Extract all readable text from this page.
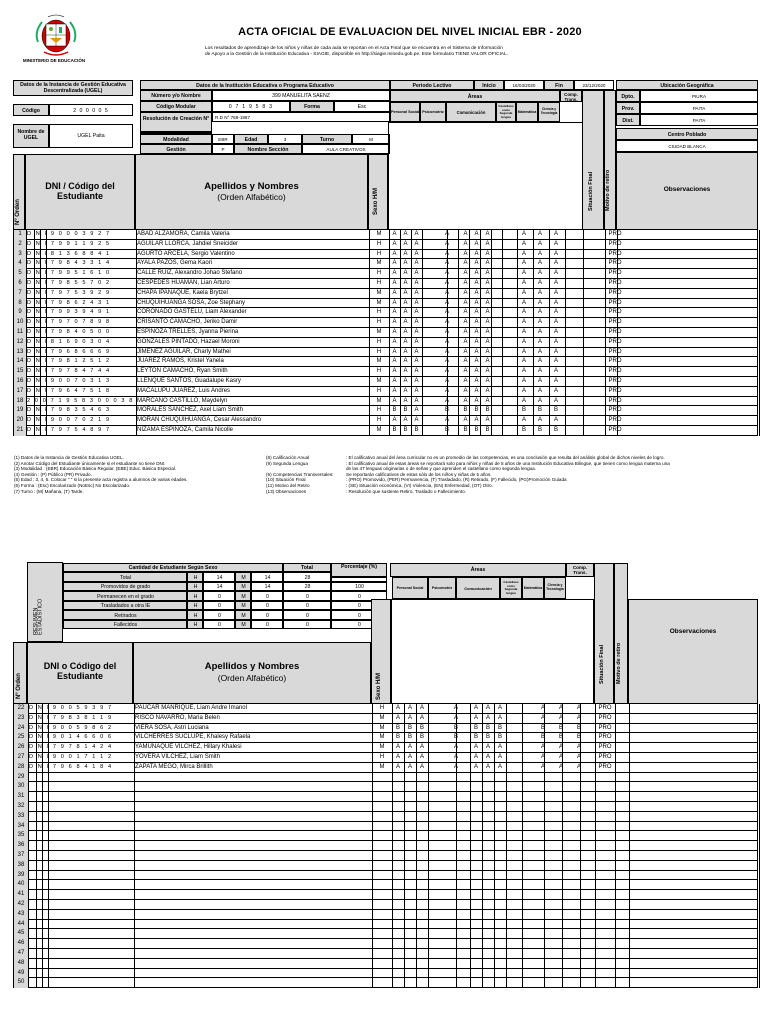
MINISTERIO DE EDUCACIÓN
ACTA OFICIAL DE EVALUACION DEL NIVEL INICIAL EBR - 2020
Los resultados de aprendizaje de los niños y niñas de cada aula se reportan en el Acta Final que se encuentra en el Sistema de Información
de Apoyo a la Gestión de la Institución Educativa - SIAGIE, disponible en http://siagie.minedu.gob.pe. Este formulario TIENE VALOR OFICIAL.
Datos de la Instancia de Gestión Educativa Descentralizada (UGEL)
Código	2 0 0 0 0 5
Nombre de UGEL	UGEL Paita
Datos de la Institución Educativa o Programa Educativo
Número y/o Nombre	399 MANUELITA SAENZ
Código Modular	0 7 1 9 5 8 3	Forma	Esc
Resolución de Creación N°	R.D N° 768-1987
Modalidad	EBR	Edad	3	Turno	M
Gestión	P	Nombre Sección	AULA CREATIVOS
Periodo Lectivo	Inicio	16/03/2020	Fin	23/12/2020	Ubicación Geográfica
Dpto.	PIURA
Prov.	PAITA
Dist.	PAITA
Centro Poblado
CIUDAD BLANCA
Áreas	Comp. Trans.
Personal Social Psicomotriz	Comunicación
Castellano como Segunda lengua
Matemática
Ciencia y Tecnología
Nº Orden
DNI / Código del Estudiante
Apellidos y Nombres
(Orden Alfabético)	Sexo H/M	Situación Final Motivo de retiro	Observaciones
1 D N I 9 0 0 0 3 9 2 7	ABAD ALZAMORA, Camila Valeria	M	A	A	A	A	A	A	A	A	A	A	PRO
2 D N I 7 9 9 1 1 9 2 5	AGUILAR LLORCA, Jahdiel Sneicider	H	A	A	A	A	A	A	A	A	A	A	PRO
3 D N I 8 1 3 6 8 8 4 1	AGURTO ARCELA, Sergio Valentino	H	A	A	A	A	A	A	A	A	A	A	PRO
4 D N I 7 9 8 4 3 3 1 4	AYALA PAZOS, Gema Kaori	M	A	A	A	A	A	A	A	A	A	A	PRO
5 D N I 7 9 9 5 1 6 1 0	CALLE RUIZ, Alexandro Johao Stefano	H	A	A	A	A	A	A	A	A	A	A	PRO
6 D N I 7 9 8 5 5 7 0 2	CESPEDES HUAMAN, Lian Arturo	H	A	A	A	A	A	A	A	A	A	A	PRO
7 D N I 7 9 7 5 3 9 2 9	CHAPA IPANAQUE, Kaela Brytzel	M	A	A	A	A	A	A	A	A	A	A	PRO
8 D N I 7 9 8 6 2 4 3 1	CHUQUIHUANGA SOSA, Zoe Stephany	M	A	A	A	A	A	A	A	A	A	A	PRO
9 D N I 7 9 9 3 9 4 9 1	CORONADO GASTELU, Liam Alexander	H	A	A	A	A	A	A	A	A	A	A	PRO
10 D N I 7 9 7 0 7 8 9 8	CRISANTO CAMACHO, Jeriko Damir	H	A	A	A	A	A	A	A	A	A	A	PRO
11 D N I 7 9 8 4 0 5 0 0	ESPINOZA TRELLES, Jyanna Pierina	M	A	A	A	A	A	A	A	A	A	A	PRO
12 D N I 8 1 6 9 0 3 0 4	GONZALES PINTADO, Hazael Moroni	H	A	A	A	A	A	A	A	A	A	A	PRO
13 D N I 7 9 6 8 6 6 6 9	JIMENEZ AGUILAR, Charly Mathei	H	A	A	A	A	A	A	A	A	A	A	PRO
14 D N I 7 9 8 1 2 5 1 2	JUAREZ RAMOS, Kristel Yanela	M	A	A	A	A	A	A	A	A	A	A	PRO
15 D N I 7 9 7 8 4 7 4 4	LEYTON CAMACHO, Ryan Smith	H	A	A	A	A	A	A	A	A	A	A	PRO
16 D N I 9 0 0 7 0 3 1 3	LLENQUE SANTOS, Guadalupe Kasry	M	A	A	A	A	A	A	A	A	A	A	PRO
17 D N I 7 9 6 4 7 5 1 8	MACALUPU JUAREZ, Luis Andres	H	A	A	A	A	A	A	A	A	A	A	PRO
18 2 0 0 7 1 9 5 8 3 0 0 0 3 8 MARCANO CASTILLO, Maydelyn	M	A	A	A	A	A	A	A	A	A	A	PRO
19 D N I 7 9 8 3 5 4 6 3	MORALES SANCHEZ, Axel Liam Smith	H	B	B	A	B	B	B	B	B	B	B	PRO
20 D N I 9 0 0 7 0 2 1 9	MORAN CHUQUIHUANGA, Cesar Alessandro	H	A	A	A	A	A	A	A	A	A	A	PRO
21 D N I 7 9 7 5 4 8 9 7	NIZAMA ESPINOZA, Camila Nicolle	M	B	B	B	B	B	B	B	B	B	B	PRO
(1) Datos de la Instancia de Gestión Educativa UGEL.
(2) Anotar Código del Estudiante únicamente si el estudiante no tiene DNI.
(3) Modalidad : (EBR) Educación Básica Regular, (EBE) Educ. Básica Especial.
(4) Gestión : (P) Público (PR) Privado.
(5) Edad : 3, 4, 5. Colocar " " si la presente acta registra a alumnos de varias edades.
(6) Forma : (Esc) Escolarizado (NoEsc) No Escolarizado.
(7) Turno : (M) Mañana, (T) Tarde.
(8) Calificación Anual
(9) Segunda Lengua
(9) Competencias Transversales:
(10) Situación Final
(11) Motivo del Retiro
(13) Observaciones
: El calificativo anual del área curricular no es un promedio de las competencias, es una conclusión que resulta del análisis global de dichos niveles de logro.
: El calificativo anual de estas áreas se reportará solo para niños y niñas de 5 años de una Institución Educativa Bilingüe, que tienen como lengua materna una
de las 47 lenguas originarias o de señas y que aprenden el castellano como segunda lengua.
Se reportarán calificativos de estas sólo de los niños y niñas de 5 años.
: (PRO) Promovido, (PER) Permanencia, (T) Trasladado, (R) Retirado, (F) Fallecido, (PG)Promoción Guiada
: (SE) Situación económica, (VI) Violencia, (EN) Enfermedad, (OT) Otro.
: Resolución que sustente Retiro, Traslado o Fallecimiento.
RESUMEN ESTADÍSTICO
Cantidad de Estudiante Según Sexo	Total	Porcentaje (%)
Total	H	14	M	14	28
Promovidos de grado	H	14	M	14	28	100
Permanecen en el grado	H	0	M	0	0	0
Trasladados a otra IE	H	0	M	0	0	0
Retirados	H	0	M	0	0	0
Fallecidos	H	0	M	0	0	0
Áreas	Comp. Trans.
Personal Social	Psicomotriz	Comunicación
Castellano como Segunda lengua
Matemática
Ciencia y Tecnología
Nº Orden
DNI o Código del Estudiante
Apellidos y Nombres
(Orden Alfabético)	Sexo H/M
Situación Final Motivo de retiro
Observaciones
22 D N I 9 0 0 5 9 3 9 7	PAUCAR MANRIQUE, Liam Andre Imanol	H	A	A	A	A	A	A	A	A	A	A	PRO
23 D N I 7 9 8 3 8 1 1 9	RISCO NAVARRO, Maria Belen	M	A	A	A	A	A	A	A	A	A	A	PRO
24 D N I 9 0 0 5 9 8 6 2	VIERA SOSA, Astri Luciana	M	B	B	B	B	B	B	B	B	B	B	PRO
25 D N I 9 0 1 4 6 6 0 6	VILCHERRES SUCLUPE, Khalesy Rafaela	M	B	B	B	B	B	B	B	B	B	B	PRO
26 D N I 7 9 7 8 1 4 2 4	YAMUNAQUE VILCHEZ, Hillary Khalesi	M	A	A	A	A	A	A	A	A	A	A	PRO
27 D N I 9 0 0 1 7 1 1 2	YOVERA VILCHEZ, Liam Smith	H	A	A	A	A	A	A	A	A	A	A	PRO
28 D N I 7 9 6 8 4 1 8 4	ZAPATA MEGO, Mirca Brillith	M	A	A	A	A	A	A	A	A	A	A	PRO
29
30
31
32
33
34
35
36
37
38
39
40
41
42
43
44
45
46
47
48
49
50
